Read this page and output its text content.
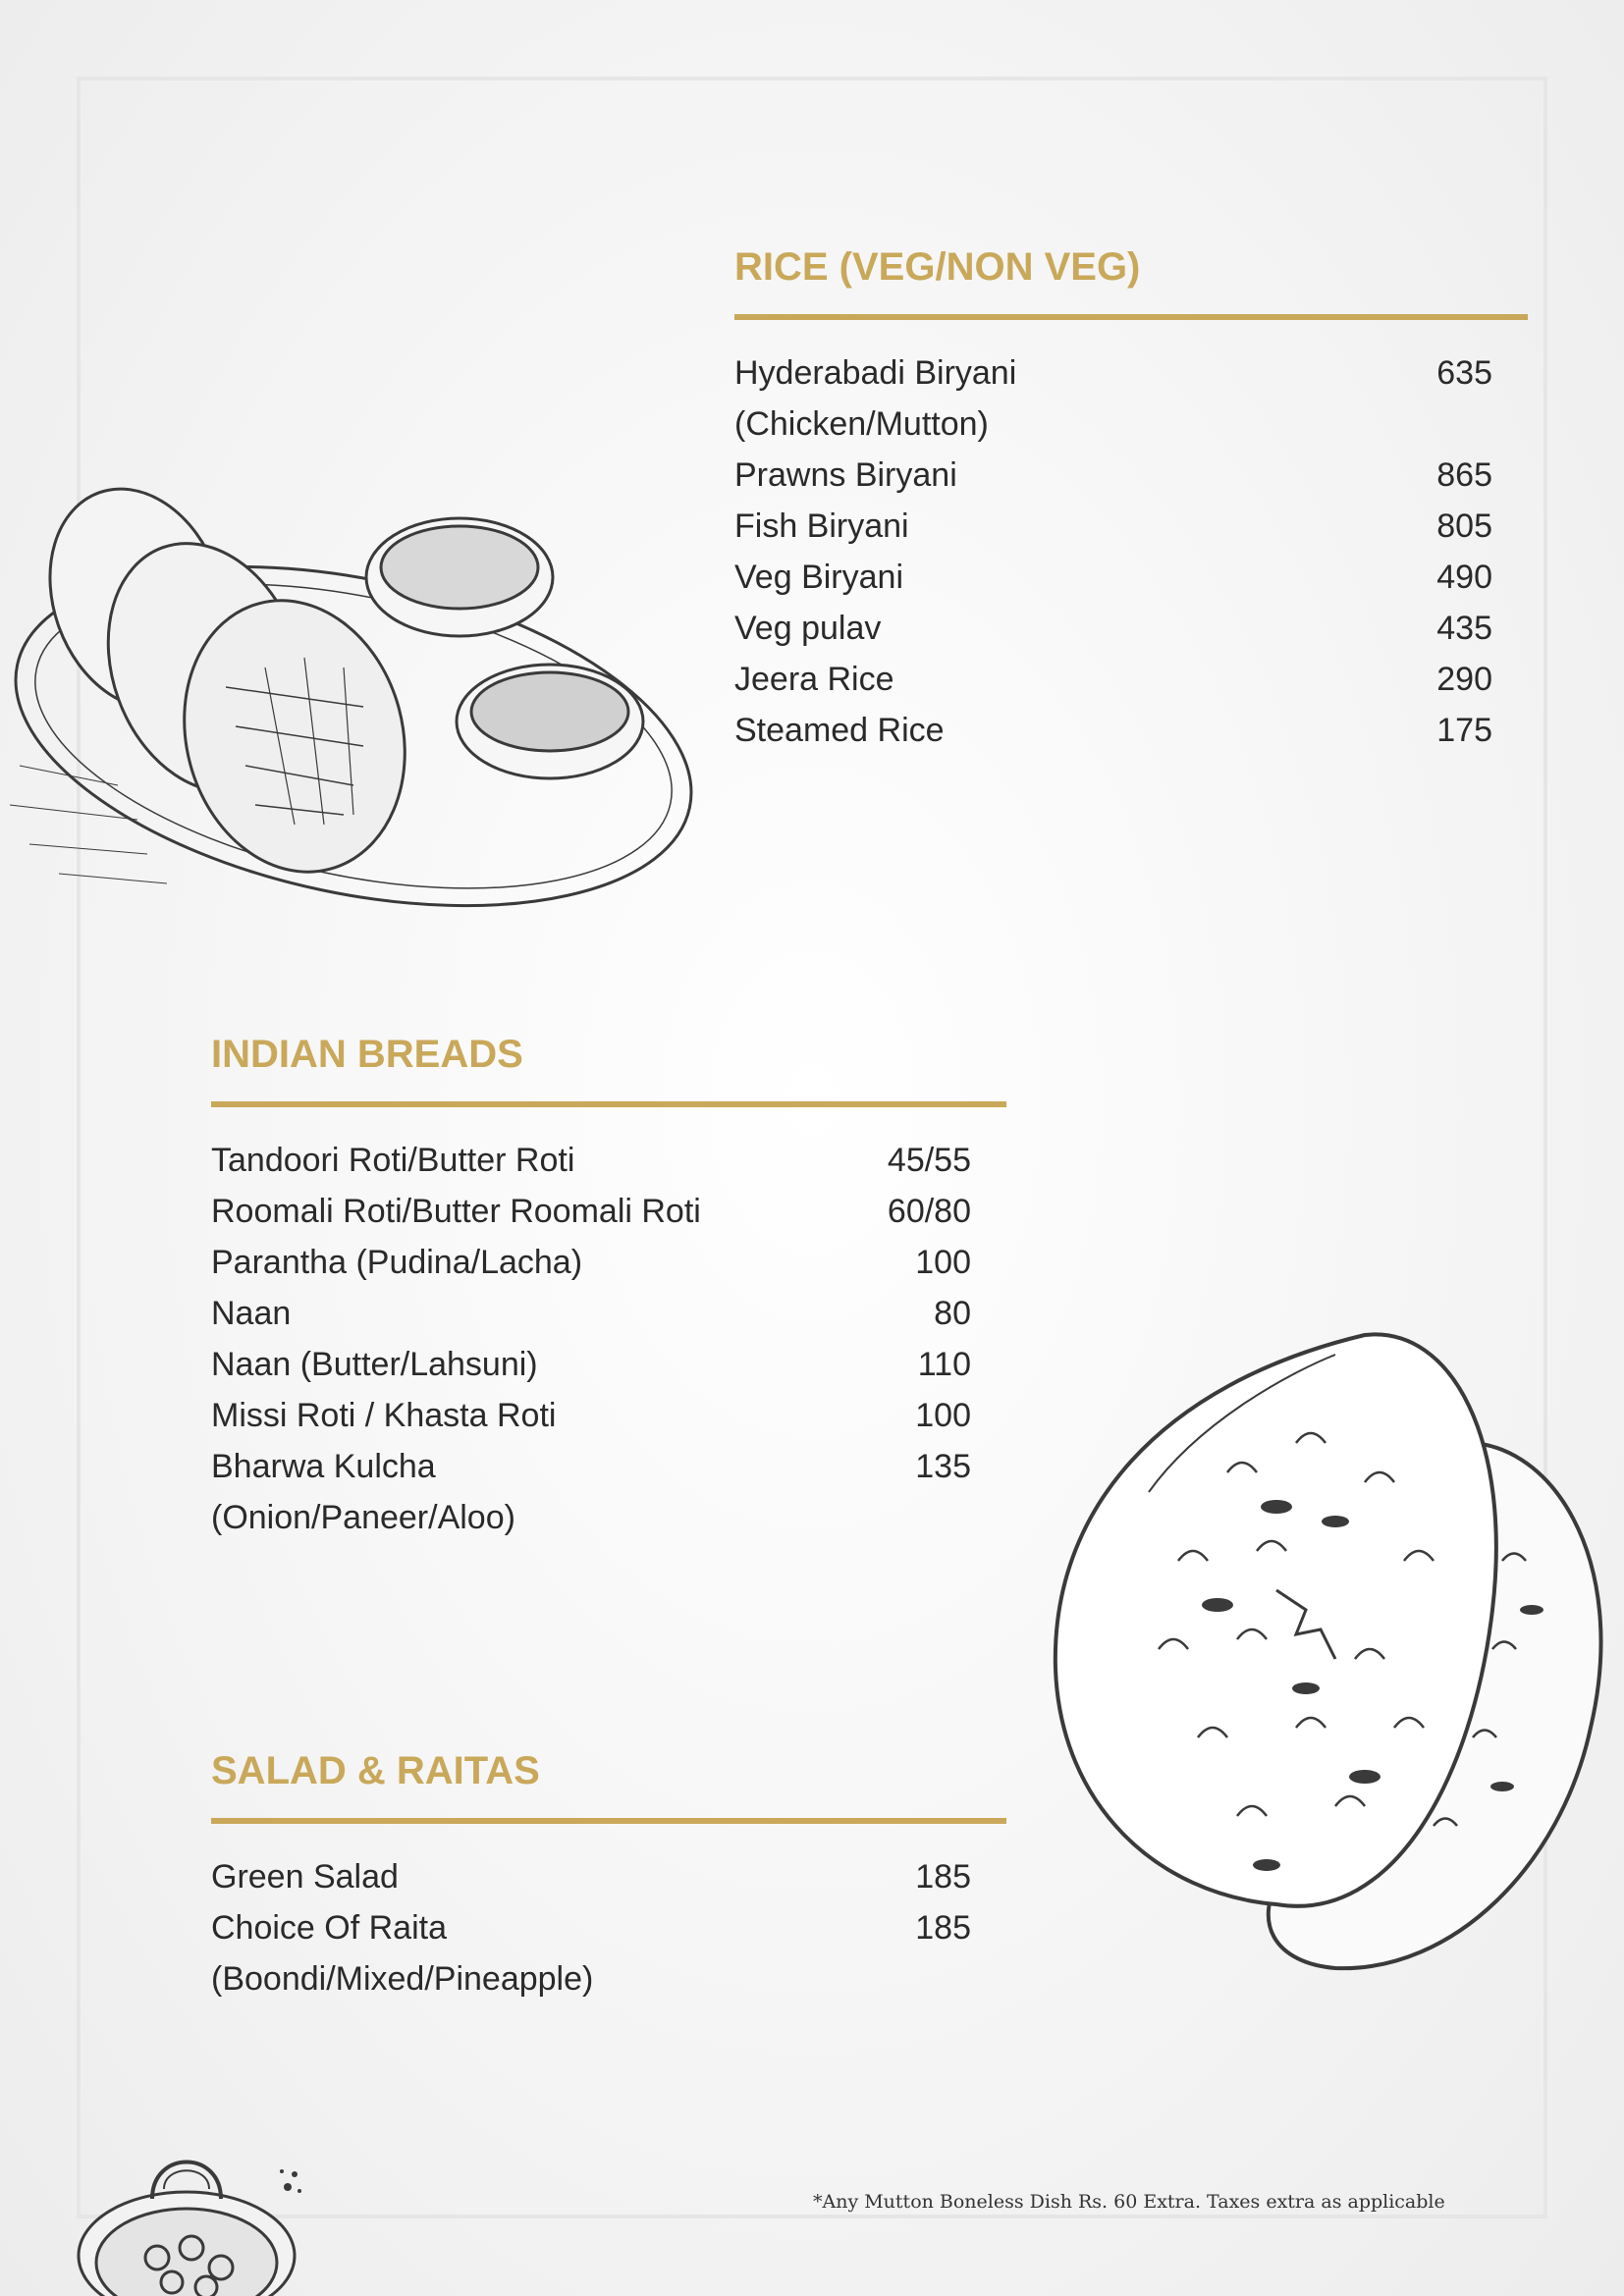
RICE (VEG/NON VEG)
Hyderabadi Biryani	635
(Chicken/Mutton)
Prawns Biryani	865
Fish Biryani	805
Veg Biryani	490
Veg pulav	435
Jeera Rice	290
Steamed Rice	175
INDIAN BREADS
Tandoori Roti/Butter Roti	45/55
Roomali Roti/Butter Roomali Roti	60/80
Parantha (Pudina/Lacha)	100
Naan	80
Naan (Butter/Lahsuni)	110
Missi Roti / Khasta Roti	100
Bharwa Kulcha	135
(Onion/Paneer/Aloo)
SALAD & RAITAS
Green Salad	185
Choice Of Raita	185
(Boondi/Mixed/Pineapple)
*Any Mutton Boneless Dish Rs. 60 Extra. Taxes extra as applicable
